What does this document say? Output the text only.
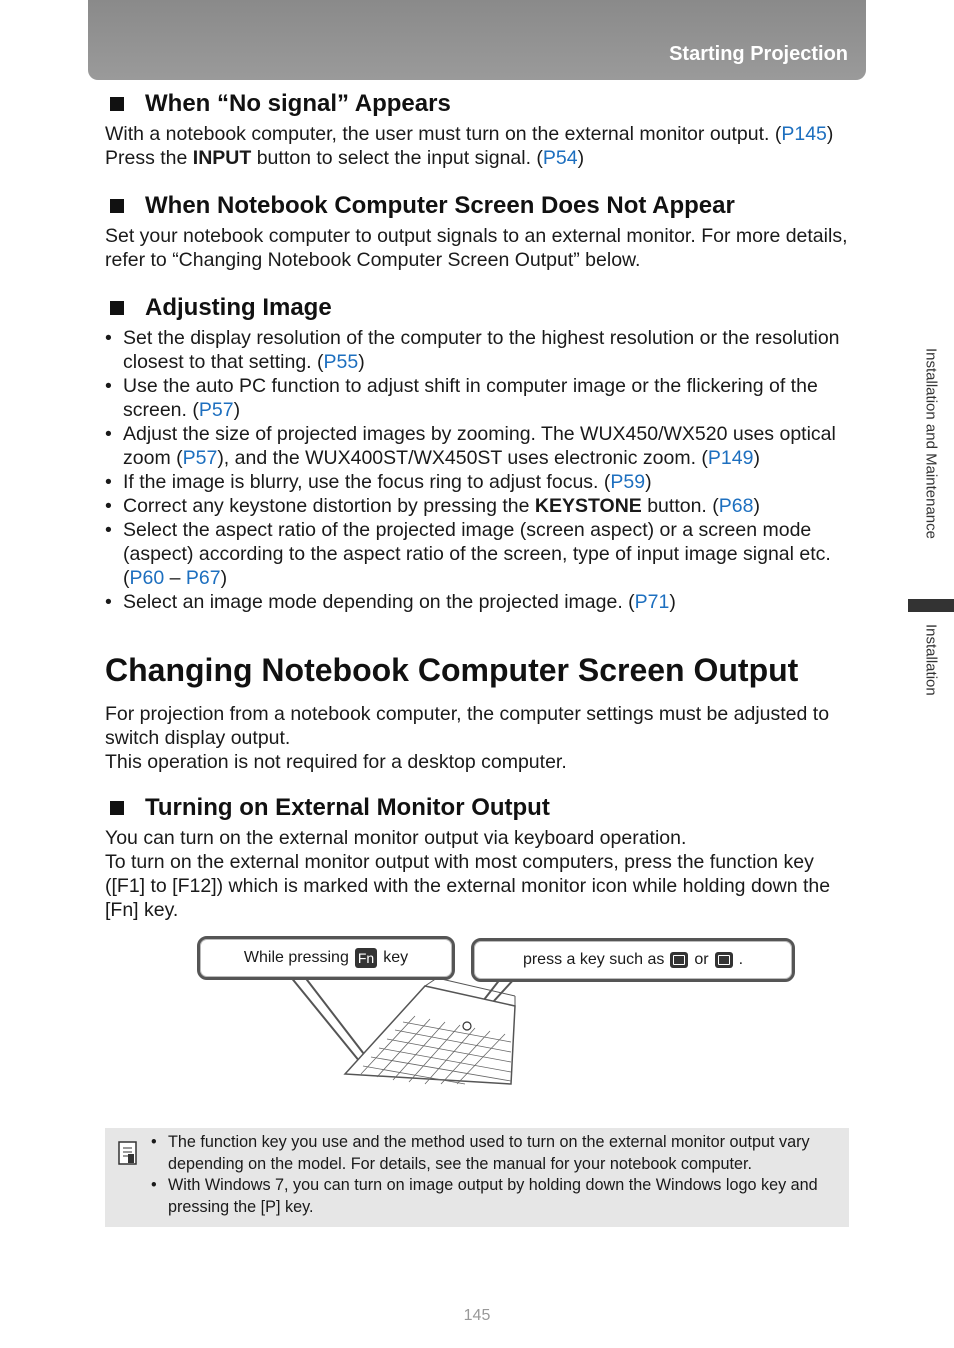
Starting Projection
Installation and Maintenance
Installation
When “No signal” Appears

With a notebook computer, the user must turn on the external monitor output. (P145)

Press the INPUT button to select the input signal. (P54)

When Notebook Computer Screen Does Not Appear

Set your notebook computer to output signals to an external monitor. For more details, refer to “Changing Notebook Computer Screen Output” below.

Adjusting Image
• Set the display resolution of the computer to the highest resolution or the resolution closest to that setting. (P55)
• Use the auto PC function to adjust shift in computer image or the flickering of the screen. (P57)
• Adjust the size of projected images by zooming. The WUX450/WX520 uses optical zoom (P57), and the WUX400ST/WX450ST uses electronic zoom. (P149)
• If the image is blurry, use the focus ring to adjust focus. (P59)
• Correct any keystone distortion by pressing the KEYSTONE button. (P68)
• Select the aspect ratio of the projected image (screen aspect) or a screen mode (aspect) according to the aspect ratio of the screen, type of input image signal etc. (P60 – P67)
• Select an image mode depending on the projected image. (P71)
Changing Notebook Computer Screen Output

For projection from a notebook computer, the computer settings must be adjusted to switch display output.

This operation is not required for a desktop computer.

Turning on External Monitor Output

You can turn on the external monitor output via keyboard operation.

To turn on the external monitor output with most computers, press the function key ([F1] to [F12]) which is marked with the external monitor icon while holding down the [Fn] key.

While pressing Fn key	press a key such as or .
• The function key you use and the method used to turn on the external monitor output vary depending on the model. For details, see the manual for your notebook computer.
• With Windows 7, you can turn on image output by holding down the Windows logo key and pressing the [P] key.
145
